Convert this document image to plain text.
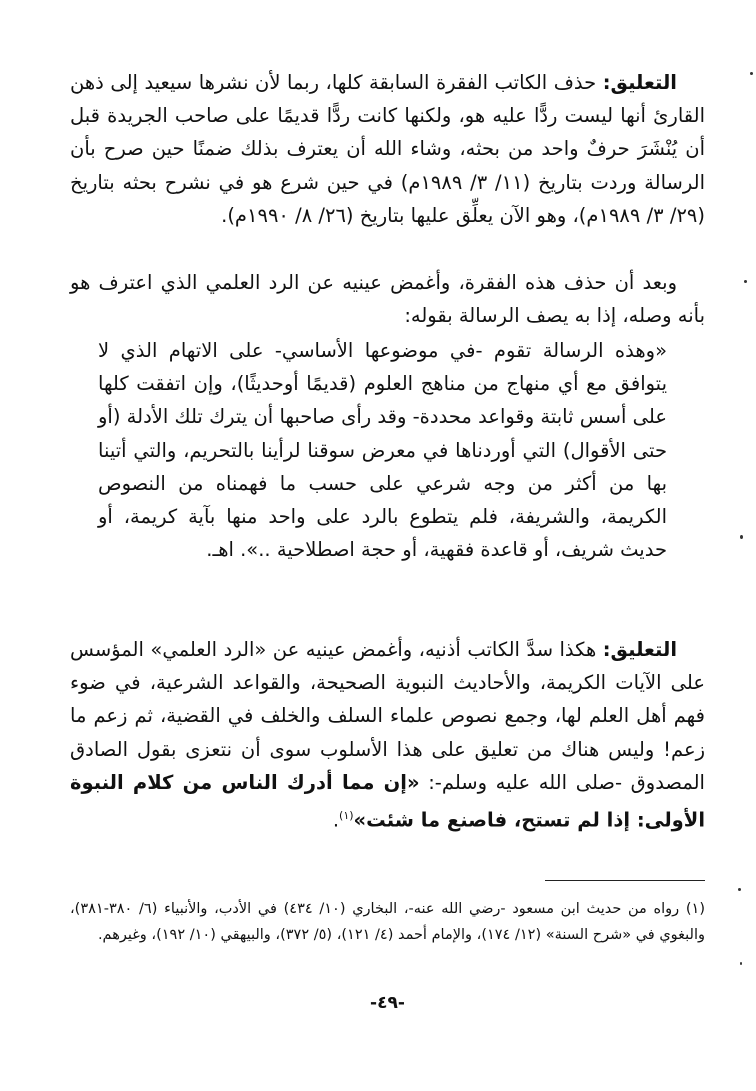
التعليق: حذف الكاتب الفقرة السابقة كلها، ربما لأن نشرها سيعيد إلى ذهن القارئ أنها ليست ردًّا عليه هو، ولكنها كانت ردًّا قديمًا على صاحب الجريدة قبل أن يُنْشَرَ حرفٌ واحد من بحثه، وشاء الله أن يعترف بذلك ضمنًا حين صرح بأن الرسالة وردت بتاريخ (١١/ ٣/ ١٩٨٩م) في حين شرع هو في نشرح بحثه بتاريخ (٢٩/ ٣/ ١٩٨٩م)، وهو الآن يعلِّق عليها بتاريخ (٢٦/ ٨/ ١٩٩٠م).

وبعد أن حذف هذه الفقرة، وأغمض عينيه عن الرد العلمي الذي اعترف هو بأنه وصله، إذا به يصف الرسالة بقوله:

«وهذه الرسالة تقوم -في موضوعها الأساسي- على الاتهام الذي لا يتوافق مع أي منهاج من مناهج العلوم (قديمًا أوحديثًا)، وإن اتفقت كلها على أسس ثابتة وقواعد محددة- وقد رأى صاحبها أن يترك تلك الأدلة (أو حتى الأقوال) التي أوردناها في معرض سوقنا لرأينا بالتحريم، والتي أتينا بها من أكثر من وجه شرعي على حسب ما فهمناه من النصوص الكريمة، والشريفة، فلم يتطوع بالرد على واحد منها بآية كريمة، أو حديث شريف، أو قاعدة فقهية، أو حجة اصطلاحية ..». اهـ.

التعليق: هكذا سدَّ الكاتب أذنيه، وأغمض عينيه عن «الرد العلمي» المؤسس على الآيات الكريمة، والأحاديث النبوية الصحيحة، والقواعد الشرعية، في ضوء فهم أهل العلم لها، وجمع نصوص علماء السلف والخلف في القضية، ثم زعم ما زعم! وليس هناك من تعليق على هذا الأسلوب سوى أن نتعزى بقول الصادق المصدوق -صلى الله عليه وسلم-: «إن مما أدرك الناس من كلام النبوة الأولى: إذا لم تستح، فاصنع ما شئت»$^{(١)}$.

(١) رواه من حديث ابن مسعود -رضي الله عنه-، البخاري (١٠/ ٤٣٤) في الأدب، والأنبياء (٦/ ٣٨٠-٣٨١)، والبغوي في «شرح السنة» (١٢/ ١٧٤)، والإمام أحمد (٤/ ١٢١)، (٥/ ٣٧٢)، والبيهقي (١٠/ ١٩٢)، وغيرهم.
-٤٩-
